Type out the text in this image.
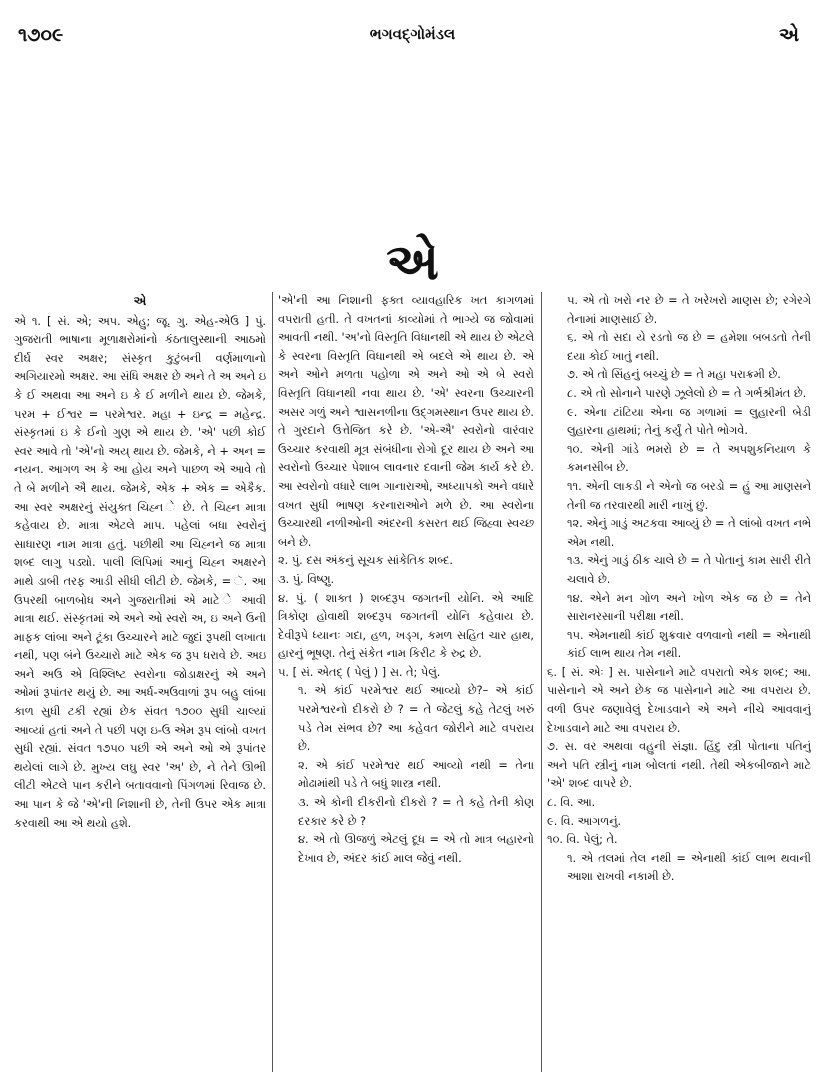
૧૭૦૯	ભગવદ્ગોમંડલ	એ
એ

એ

એ ૧. [ સં. એ; અપ. એહુ; જૂ. ગુ. એહ-એઉ ] પું. ગુજરાતી ભાષાના મૂળાક્ષરોમાંનો કંઠતાલુસ્થાની આઠમો દીર્ઘ સ્વર અક્ષર; સંસ્કૃત કુટુંબની વર્ણમાળાનો અગિયારમો અક્ષર. આ સંધિ અક્ષર છે અને તે અ અને ઇ કે ઈ અથવા આ અને ઇ કે ઈ મળીને થાય છે. જેમકે, પરમ + ઈશ્વર = પરમેશ્વર. મહા + ઇન્દ્ર = મહેન્દ્ર. સંસ્કૃતમાં ઇ કે ઈનો ગુણ એ થાય છે. 'એ' પછી કોઈ સ્વર આવે તો 'એ'નો અય્ થાય છે. જેમકે, ને + અન = નયન. આગળ અ કે આ હોય અને પાછળ એ આવે તો તે બે મળીને ઐ થાય. જેમકે, એક + એક = એકૈક. આ સ્વર અક્ષરનું સંયુક્ત ચિહ્ન ે છે. તે ચિહ્ન માત્રા કહેવાય છે. માત્રા એટલે માપ. પહેલાં બધા સ્વરોનું સાધારણ નામ માત્રા હતું. પછીથી આ ચિહ્નને જ માત્રા શબ્દ લાગુ પડ્યો. પાલી લિપિમાં આનું ચિહ્ન અક્ષરને માથે ડાબી તરફ આડી સીધી લીટી છે. જેમકે, = ૅ. આ ઉપરથી બાળબોધ અને ગુજરાતીમાં એ માટે ે આવી માત્રા થઈ. સંસ્કૃતમાં એ અને ઓ સ્વરો અ, ઇ અને ઉની માફક લાંબા અને ટૂંકા ઉચ્ચારને માટે જુદાં રૂપથી લખાતા નથી, પણ બંને ઉચ્ચારો માટે એક જ રૂપ ધરાવે છે. અઇ અને અઉ એ વિશ્લિષ્ટ સ્વરોના જોડાક્ષરનું એ અને ઓમાં રૂપાંતર થયું છે. આ અર્ધ-અઉવાળાં રૂપ બહુ લાંબા કાળ સુધી ટકી રહ્યાં છેક સંવત ૧૭૦૦ સુધી ચાલ્યાં આવ્યાં હતાં અને તે પછી પણ ઇ-ઉ એમ રૂપ લાંબો વખત સુધી રહ્યાં. સંવત ૧૭૫૦ પછી એ અને ઓ એ રૂપાંતર થયેલાં લાગે છે. મુખ્ય લઘુ સ્વર 'અ' છે, ને તેને ઊભી લીટી એટલે પાન કરીને બતાવવાનો પિંગળમાં રિવાજ છે. આ પાન કે જે 'એ'ની નિશાની છે, તેની ઉપર એક માત્રા કરવાથી આ એ થયો હશે.

'એ'ની આ નિશાની ફક્ત વ્યાવહારિક ખત કાગળમાં વપરાતી હતી. તે વખતનાં કાવ્યોમાં તે ભાગ્યે જ જોવામાં આવતી નથી. 'અ'નો વિસ્તૃતિ વિધાનથી એ થાય છે એટલે કે સ્વરના વિસ્તૃતિ વિધાનથી એ બદલે એ થાય છે. એ અને ઓને મળતા પહોળા એ અને ઓ એ બે સ્વરો વિસ્તૃતિ વિધાનથી નવા થાય છે. 'એ' સ્વરના ઉચ્ચારની અસર ગળું અને શ્વાસનળીના ઉદ્ગમસ્થાન ઉપર થાય છે. તે ગુરદાને ઉત્તેજિત કરે છે. 'એ-ઐ' સ્વરોનો વારંવાર ઉચ્ચાર કરવાથી મૂત્ર સંબંધીના રોગો દૂર થાય છે અને આ સ્વરોનો ઉચ્ચાર પેશાબ લાવનાર દવાની જેમ કાર્ય કરે છે. આ સ્વરોનો વધારે લાભ ગાનારાઓ, અધ્યાપકો અને વધારે વખત સુધી ભાષણ કરનારાઓને મળે છે. આ સ્વરોના ઉચ્ચારથી નળીઓની અંદરની કસરત થઈ જિહ્વા સ્વચ્છ બને છે.

૨. પું. દસ અંકનું સૂચક સાંકેતિક શબ્દ.

૩. પું. વિષ્ણુ.

૪. પું. ( શાક્ત ) શબ્દરૂપ જગતની યોનિ. એ આદિ ત્રિકોણ હોવાથી શબ્દરૂપ જગતની યોનિ કહેવાય છે. દેવીરૂપે ધ્યાનઃ ગદા, હળ, ખડ્ગ, કમળ સહિત ચાર હાથ, હારનું ભૂષણ. તેનું સંકેત નામ કિરીટ કે રુદ્ર છે.

૫. [ સં. એતદ્ ( પેલું ) ] સ. તે; પેલું.

૧. એ કાંઈ પરમેશ્વર થઈ આવ્યો છે?– એ કાંઈ પરમેશ્વરનો દીકરો છે ? = તે જેટલું કહે તેટલું ખરું પડે તેમ સંભવ છે? આ કહેવત જોરીને માટે વપરાય છે.

૨. એ કાંઈ પરમેશ્વર થઈ આવ્યો નથી = તેના મોઢામાંથી પડે તે બધું શાસ્ત્ર નથી.

૩. એ કોની દીકરીનો દીકરો ? = તે કહે તેની કોણ દરકાર કરે છે ?

૪. એ તો ઊજળું એટલું દૂધ = એ તો માત્ર બહારનો દેખાવ છે, અંદર કાંઈ માલ જેવું નથી.

૫. એ તો ખરો નર છે = તે ખરેખરો માણસ છે; રગેરગે તેનામાં માણસાઈ છે.

૬. એ તો સદા યે રડતો જ છે = હમેશા બબડતો તેની દયા કોઈ ખાતું નથી.

૭. એ તો સિંહનું બચ્ચું છે = તે મહા પરાક્રમી છે.

૮. એ તો સોનાને પારણે ઝૂલેલો છે = તે ગર્ભશ્રીમંત છે.

૯. એના ટાંટિયા એના જ ગળામાં = લુહારની બેડી લુહારના હાથમાં; તેનું કર્યું તે પોતે ભોગવે.

૧૦. એની ગાંડે ભમરો છે = તે અપશુકનિયાળ કે કમનસીબ છે.

૧૧. એની લાકડી ને એનો જ બરડો = હું આ માણસને તેની જ તરવારથી મારી નાખું છું.

૧૨. એનું ગાડું અટકવા આવ્યું છે = તે લાંબો વખત નભે એમ નથી.

૧૩. એનું ગાડું ઠીક ચાલે છે = તે પોતાનું કામ સારી રીતે ચલાવે છે.

૧૪. એને મન ગોળ અને ખોળ એક જ છે = તેને સારાનરસાની પરીક્ષા નથી.

૧૫. એમનાથી કાંઈ શુક્રવાર વળવાનો નથી = એનાથી કાંઈ લાભ થાય તેમ નથી.

૬. [ સં. એઃ ] સ. પાસેનાને માટે વપરાતો એક શબ્દ; આ. પાસેનાને એ અને છેક જ પાસેનાને માટે આ વપરાય છે. વળી ઉપર જણાવેલું દેખાડવાને એ અને નીચે આવવાનું દેખાડવાને માટે આ વપરાય છે.

૭. સ. વર અથવા વહુની સંજ્ઞા. હિંદુ સ્ત્રી પોતાના પતિનું અને પતિ સ્ત્રીનું નામ બોલતાં નથી. તેથી એકબીજાને માટે 'એ' શબ્દ વાપરે છે.

૮. વિ. આ.

૯. વિ. આગળનું.

૧૦. વિ. પેલું; તે.

૧. એ તલમાં તેલ નથી = એનાથી કાંઈ લાભ થવાની આશા રાખવી નકામી છે.
